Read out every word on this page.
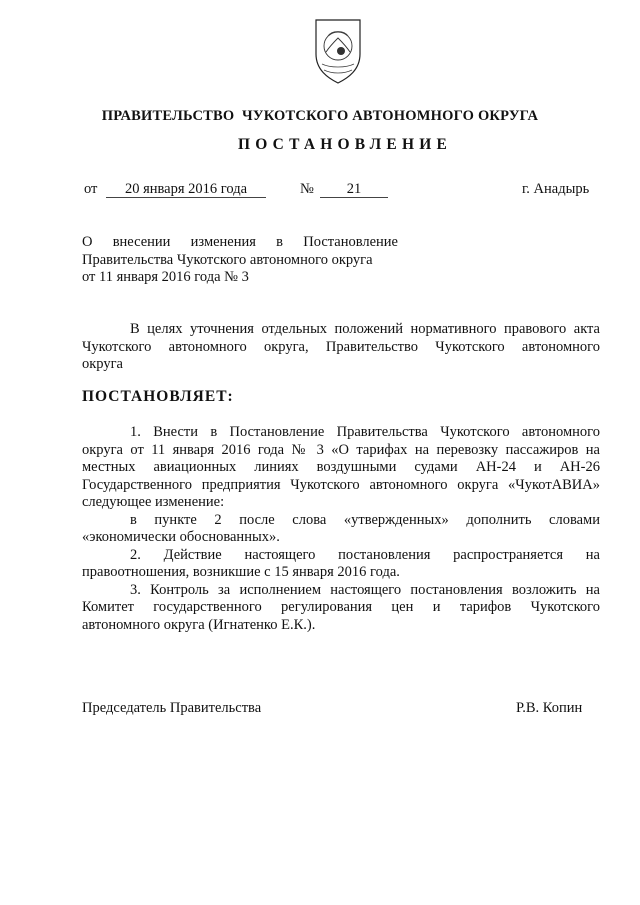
ПРАВИТЕЛЬСТВО  ЧУКОТСКОГО АВТОНОМНОГО ОКРУГА
ПОСТАНОВЛЕНИЕ
от	20 января 2016 года	№	21	г. Анадырь
О внесении изменения в Постановление
Правительства Чукотского автономного округа
от 11 января 2016 года № 3
В целях уточнения отдельных положений нормативного правового акта
Чукотского автономного округа, Правительство Чукотского автономного
округа
ПОСТАНОВЛЯЕТ:
1. Внести в Постановление Правительства Чукотского автономного
округа от 11 января 2016 года № 3 «О тарифах на перевозку пассажиров на
местных авиационных линиях воздушными судами АН-24 и АН-26
Государственного предприятия Чукотского автономного округа «ЧукотАВИА»
следующее изменение:
в пункте 2 после слова «утвержденных» дополнить словами
«экономически обоснованных».
2. Действие настоящего постановления распространяется на
правоотношения, возникшие с 15 января 2016 года.
3. Контроль за исполнением настоящего постановления возложить на
Комитет государственного регулирования цен и тарифов Чукотского
автономного округа (Игнатенко Е.К.).
Председатель Правительства	Р.В. Копин
